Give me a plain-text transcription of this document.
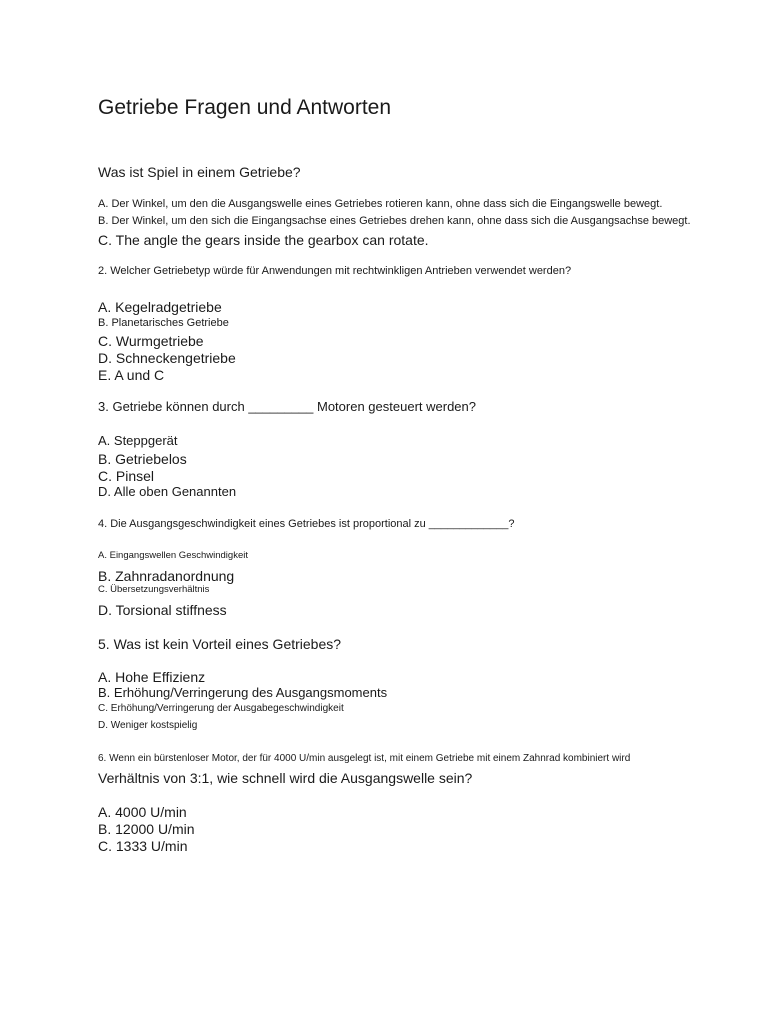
Getriebe Fragen und Antworten

Was ist Spiel in einem Getriebe?

A. Der Winkel, um den die Ausgangswelle eines Getriebes rotieren kann, ohne dass sich die Eingangswelle bewegt.

B. Der Winkel, um den sich die Eingangsachse eines Getriebes drehen kann, ohne dass sich die Ausgangsachse bewegt.

C. The angle the gears inside the gearbox can rotate.

2. Welcher Getriebetyp würde für Anwendungen mit rechtwinkligen Antrieben verwendet werden?

A. Kegelradgetriebe

B. Planetarisches Getriebe

C. Wurmgetriebe

D. Schneckengetriebe

E. A und C

3. Getriebe können durch _________ Motoren gesteuert werden?

A. Steppgerät

B. Getriebelos

C. Pinsel

D. Alle oben Genannten

4. Die Ausgangsgeschwindigkeit eines Getriebes ist proportional zu _____________?

A. Eingangswellen Geschwindigkeit

B. Zahnradanordnung

C. Übersetzungsverhältnis

D. Torsional stiffness

5. Was ist kein Vorteil eines Getriebes?

A. Hohe Effizienz

B. Erhöhung/Verringerung des Ausgangsmoments

C. Erhöhung/Verringerung der Ausgabegeschwindigkeit

D. Weniger kostspielig

6. Wenn ein bürstenloser Motor, der für 4000 U/min ausgelegt ist, mit einem Getriebe mit einem Zahnrad kombiniert wird

Verhältnis von 3:1, wie schnell wird die Ausgangswelle sein?

A. 4000 U/min

B. 12000 U/min

C. 1333 U/min
